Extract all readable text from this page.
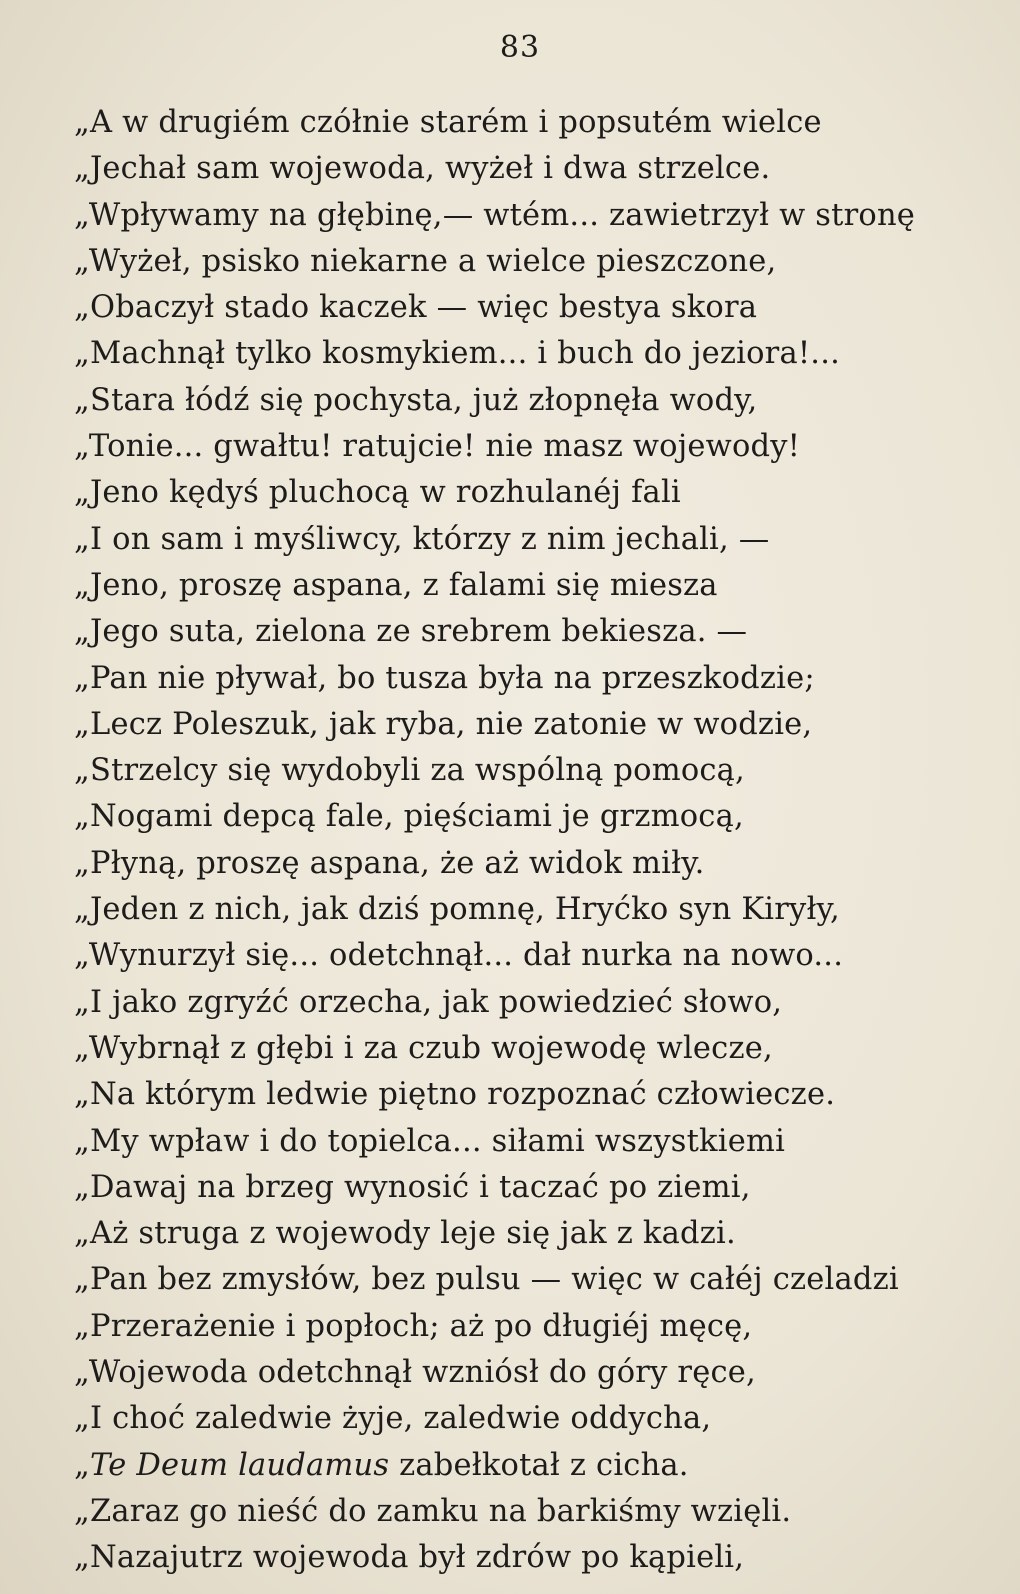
83
„A w drugiém czółnie starém i popsutém wielce
„Jechał sam wojewoda, wyżeł i dwa strzelce.
„Wpływamy na głębinę,— wtém... zawietrzył w stronę
„Wyżeł, psisko niekarne a wielce pieszczone,
„Obaczył stado kaczek — więc bestya skora
„Machnął tylko kosmykiem... i buch do jeziora!...
„Stara łódź się pochysta, już złopnęła wody,
„Tonie... gwałtu! ratujcie! nie masz wojewody!
„Jeno kędyś pluchocą w rozhulanéj fali
„I on sam i myśliwcy, którzy z nim jechali, —
„Jeno, proszę aspana, z falami się miesza
„Jego suta, zielona ze srebrem bekiesza. —
„Pan nie pływał, bo tusza była na przeszkodzie;
„Lecz Poleszuk, jak ryba, nie zatonie w wodzie,
„Strzelcy się wydobyli za wspólną pomocą,
„Nogami depcą fale, pięściami je grzmocą,
„Płyną, proszę aspana, że aż widok miły.
„Jeden z nich, jak dziś pomnę, Hryćko syn Kiryły,
„Wynurzył się... odetchnął... dał nurka na nowo...
„I jako zgryźć orzecha, jak powiedzieć słowo,
„Wybrnął z głębi i za czub wojewodę wlecze,
„Na którym ledwie piętno rozpoznać człowiecze.
„My wpław i do topielca... siłami wszystkiemi
„Dawaj na brzeg wynosić i taczać po ziemi,
„Aż struga z wojewody leje się jak z kadzi.
„Pan bez zmysłów, bez pulsu — więc w całéj czeladzi
„Przerażenie i popłoch; aż po długiéj męcę,
„Wojewoda odetchnął wzniósł do góry ręce,
„I choć zaledwie żyje, zaledwie oddycha,
„Te Deum laudamus zabełkotał z cicha.
„Zaraz go nieść do zamku na barkiśmy wzięli.
„Nazajutrz wojewoda był zdrów po kąpieli,
